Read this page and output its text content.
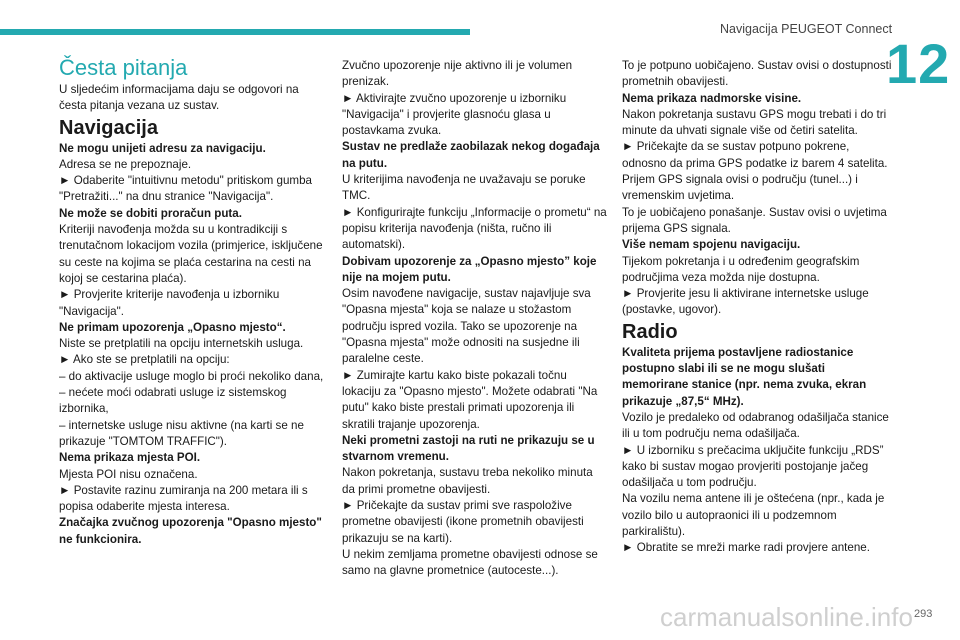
Navigacija PEUGEOT Connect
12

Česta pitanja

U sljedećim informacijama daju se odgovori na česta pitanja vezana uz sustav.

Navigacija

Ne mogu unijeti adresu za navigaciju.

Adresa se ne prepoznaje.

► Odaberite "intuitivnu metodu" pritiskom gumba "Pretražiti..." na dnu stranice "Navigacija".

Ne može se dobiti proračun puta.

Kriteriji navođenja možda su u kontradikciji s trenutačnom lokacijom vozila (primjerice, isključene su ceste na kojima se plaća cestarina na cesti na kojoj se cestarina plaća).

► Provjerite kriterije navođenja u izborniku "Navigacija".

Ne primam upozorenja „Opasno mjesto“.

Niste se pretplatili na opciju internetskih usluga.

► Ako ste se pretplatili na opciju:

– do aktivacije usluge moglo bi proći nekoliko dana,

– nećete moći odabrati usluge iz sistemskog izbornika,

– internetske usluge nisu aktivne (na karti se ne prikazuje "TOMTOM TRAFFIC").

Nema prikaza mjesta POI.

Mjesta POI nisu označena.

► Postavite razinu zumiranja na 200 metara ili s popisa odaberite mjesta interesa.

Značajka zvučnog upozorenja "Opasno mjesto" ne funkcionira.

Zvučno upozorenje nije aktivno ili je volumen prenizak.

► Aktivirajte zvučno upozorenje u izborniku "Navigacija" i provjerite glasnoću glasa u postavkama zvuka.

Sustav ne predlaže zaobilazak nekog događaja na putu.

U kriterijima navođenja ne uvažavaju se poruke TMC.

► Konfigurirajte funkciju „Informacije o prometu“ na popisu kriterija navođenja (ništa, ručno ili automatski).

Dobivam upozorenje za „Opasno mjesto” koje nije na mojem putu.

Osim navođene navigacije, sustav najavljuje sva "Opasna mjesta" koja se nalaze u stožastom području ispred vozila. Tako se upozorenje na "Opasna mjesta" može odnositi na susjedne ili paralelne ceste.

► Zumirajte kartu kako biste pokazali točnu lokaciju za "Opasno mjesto". Možete odabrati "Na putu" kako biste prestali primati upozorenja ili skratili trajanje upozorenja.

Neki prometni zastoji na ruti ne prikazuju se u stvarnom vremenu.

Nakon pokretanja, sustavu treba nekoliko minuta da primi prometne obavijesti.

► Pričekajte da sustav primi sve raspoložive prometne obavijesti (ikone prometnih obavijesti prikazuju se na karti).

U nekim zemljama prometne obavijesti odnose se samo na glavne prometnice (autoceste...).

To je potpuno uobičajeno. Sustav ovisi o dostupnosti prometnih obavijesti.

Nema prikaza nadmorske visine.

Nakon pokretanja sustavu GPS mogu trebati i do tri minute da uhvati signale više od četiri satelita.

► Pričekajte da se sustav potpuno pokrene, odnosno da prima GPS podatke iz barem 4 satelita.

Prijem GPS signala ovisi o području (tunel...) i vremenskim uvjetima.

To je uobičajeno ponašanje. Sustav ovisi o uvjetima prijema GPS signala.

Više nemam spojenu navigaciju.

Tijekom pokretanja i u određenim geografskim područjima veza možda nije dostupna.

► Provjerite jesu li aktivirane internetske usluge (postavke, ugovor).

Radio

Kvaliteta prijema postavljene radiostanice postupno slabi ili se ne mogu slušati memorirane stanice (npr. nema zvuka, ekran prikazuje „87,5“ MHz).

Vozilo je predaleko od odabranog odašiljača stanice ili u tom području nema odašiljača.

► U izborniku s prečacima uključite funkciju „RDS” kako bi sustav mogao provjeriti postojanje jačeg odašiljača u tom području.

Na vozilu nema antene ili je oštećena (npr., kada je vozilo bilo u autopraonici ili u podzemnom parkiralištu).

► Obratite se mreži marke radi provjere antene.

carmanualsonline.info 293
